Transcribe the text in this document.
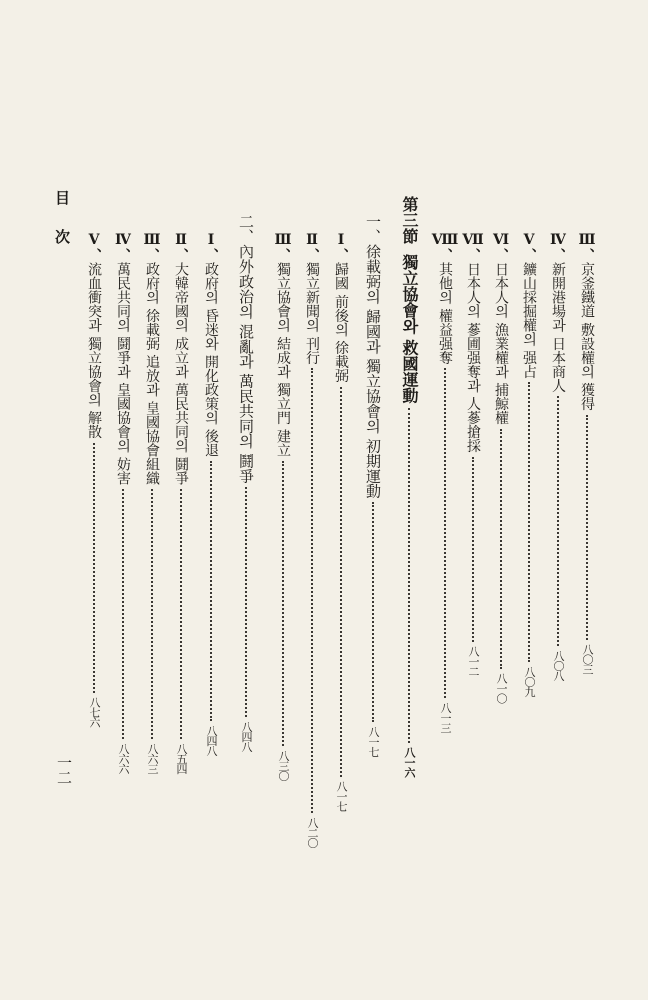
Ⅲ、京釜鐵道 敷設權의 獲得八〇三
Ⅳ、新開港場과 日本商人八〇八
Ⅴ、鑛山採掘權의 强占八〇九
Ⅵ、日本人의 漁業權과 捕鯨權八一〇
Ⅶ、日本人의 蔘圃强奪과 人蔘搶採八一二
Ⅷ、其他의 權益强奪八一三
第三節獨立協會와 救國運動八一六
一、徐載弼의 歸國과 獨立協會의 初期運動八一七
Ⅰ、歸國 前後의 徐載弼八一七
Ⅱ、獨立新聞의 刊行八二〇
Ⅲ、獨立協會의 結成과 獨立門 建立八三〇
二、內外政治의 混亂과 萬民共同의 鬪爭八四八
Ⅰ、政府의 昏迷와 開化政策의 後退八四八
Ⅱ、大韓帝國의 成立과 萬民共同의 鬪爭八五四
Ⅲ、政府의 徐載弼 追放과 皇國協會組織八六三
Ⅳ、萬民共同의 鬪爭과 皇國協會의 妨害八六六
Ⅴ、流血衝突과 獨立協會의 解散八七六
目次
一二
